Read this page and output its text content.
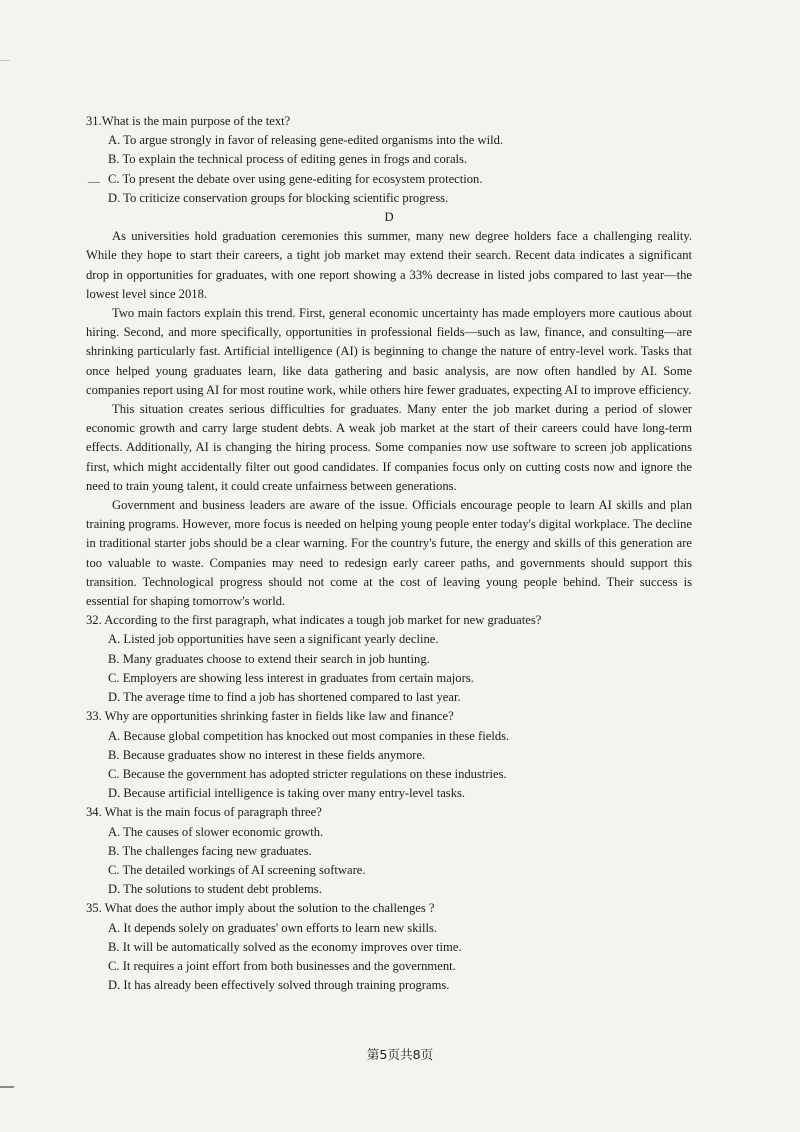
31.What is the main purpose of the text?

A. To argue strongly in favor of releasing gene-edited organisms into the wild.

B. To explain the technical process of editing genes in frogs and corals.

— C. To present the debate over using gene-editing for ecosystem protection.

D. To criticize conservation groups for blocking scientific progress.

D

As universities hold graduation ceremonies this summer, many new degree holders face a challenging reality. While they hope to start their careers, a tight job market may extend their search. Recent data indicates a significant drop in opportunities for graduates, with one report showing a 33% decrease in listed jobs compared to last year—the lowest level since 2018.

Two main factors explain this trend. First, general economic uncertainty has made employers more cautious about hiring. Second, and more specifically, opportunities in professional fields—such as law, finance, and consulting—are shrinking particularly fast. Artificial intelligence (AI) is beginning to change the nature of entry-level work. Tasks that once helped young graduates learn, like data gathering and basic analysis, are now often handled by AI. Some companies report using AI for most routine work, while others hire fewer graduates, expecting AI to improve efficiency.

This situation creates serious difficulties for graduates. Many enter the job market during a period of slower economic growth and carry large student debts. A weak job market at the start of their careers could have long-term effects. Additionally, AI is changing the hiring process. Some companies now use software to screen job applications first, which might accidentally filter out good candidates. If companies focus only on cutting costs now and ignore the need to train young talent, it could create unfairness between generations.

Government and business leaders are aware of the issue. Officials encourage people to learn AI skills and plan training programs. However, more focus is needed on helping young people enter today's digital workplace. The decline in traditional starter jobs should be a clear warning. For the country's future, the energy and skills of this generation are too valuable to waste. Companies may need to redesign early career paths, and governments should support this transition. Technological progress should not come at the cost of leaving young people behind. Their success is essential for shaping tomorrow's world.

32. According to the first paragraph, what indicates a tough job market for new graduates?

A. Listed job opportunities have seen a significant yearly decline.

B. Many graduates choose to extend their search in job hunting.

C. Employers are showing less interest in graduates from certain majors.

D. The average time to find a job has shortened compared to last year.

33. Why are opportunities shrinking faster in fields like law and finance?

A. Because global competition has knocked out most companies in these fields.

B. Because graduates show no interest in these fields anymore.

C. Because the government has adopted stricter regulations on these industries.

D. Because artificial intelligence is taking over many entry-level tasks.

34. What is the main focus of paragraph three?

A. The causes of slower economic growth.

B. The challenges facing new graduates.

C. The detailed workings of AI screening software.

D. The solutions to student debt problems.

35. What does the author imply about the solution to the challenges ?

A. It depends solely on graduates' own efforts to learn new skills.

B. It will be automatically solved as the economy improves over time.

C. It requires a joint effort from both businesses and the government.

D. It has already been effectively solved through training programs.

第5页共8页
